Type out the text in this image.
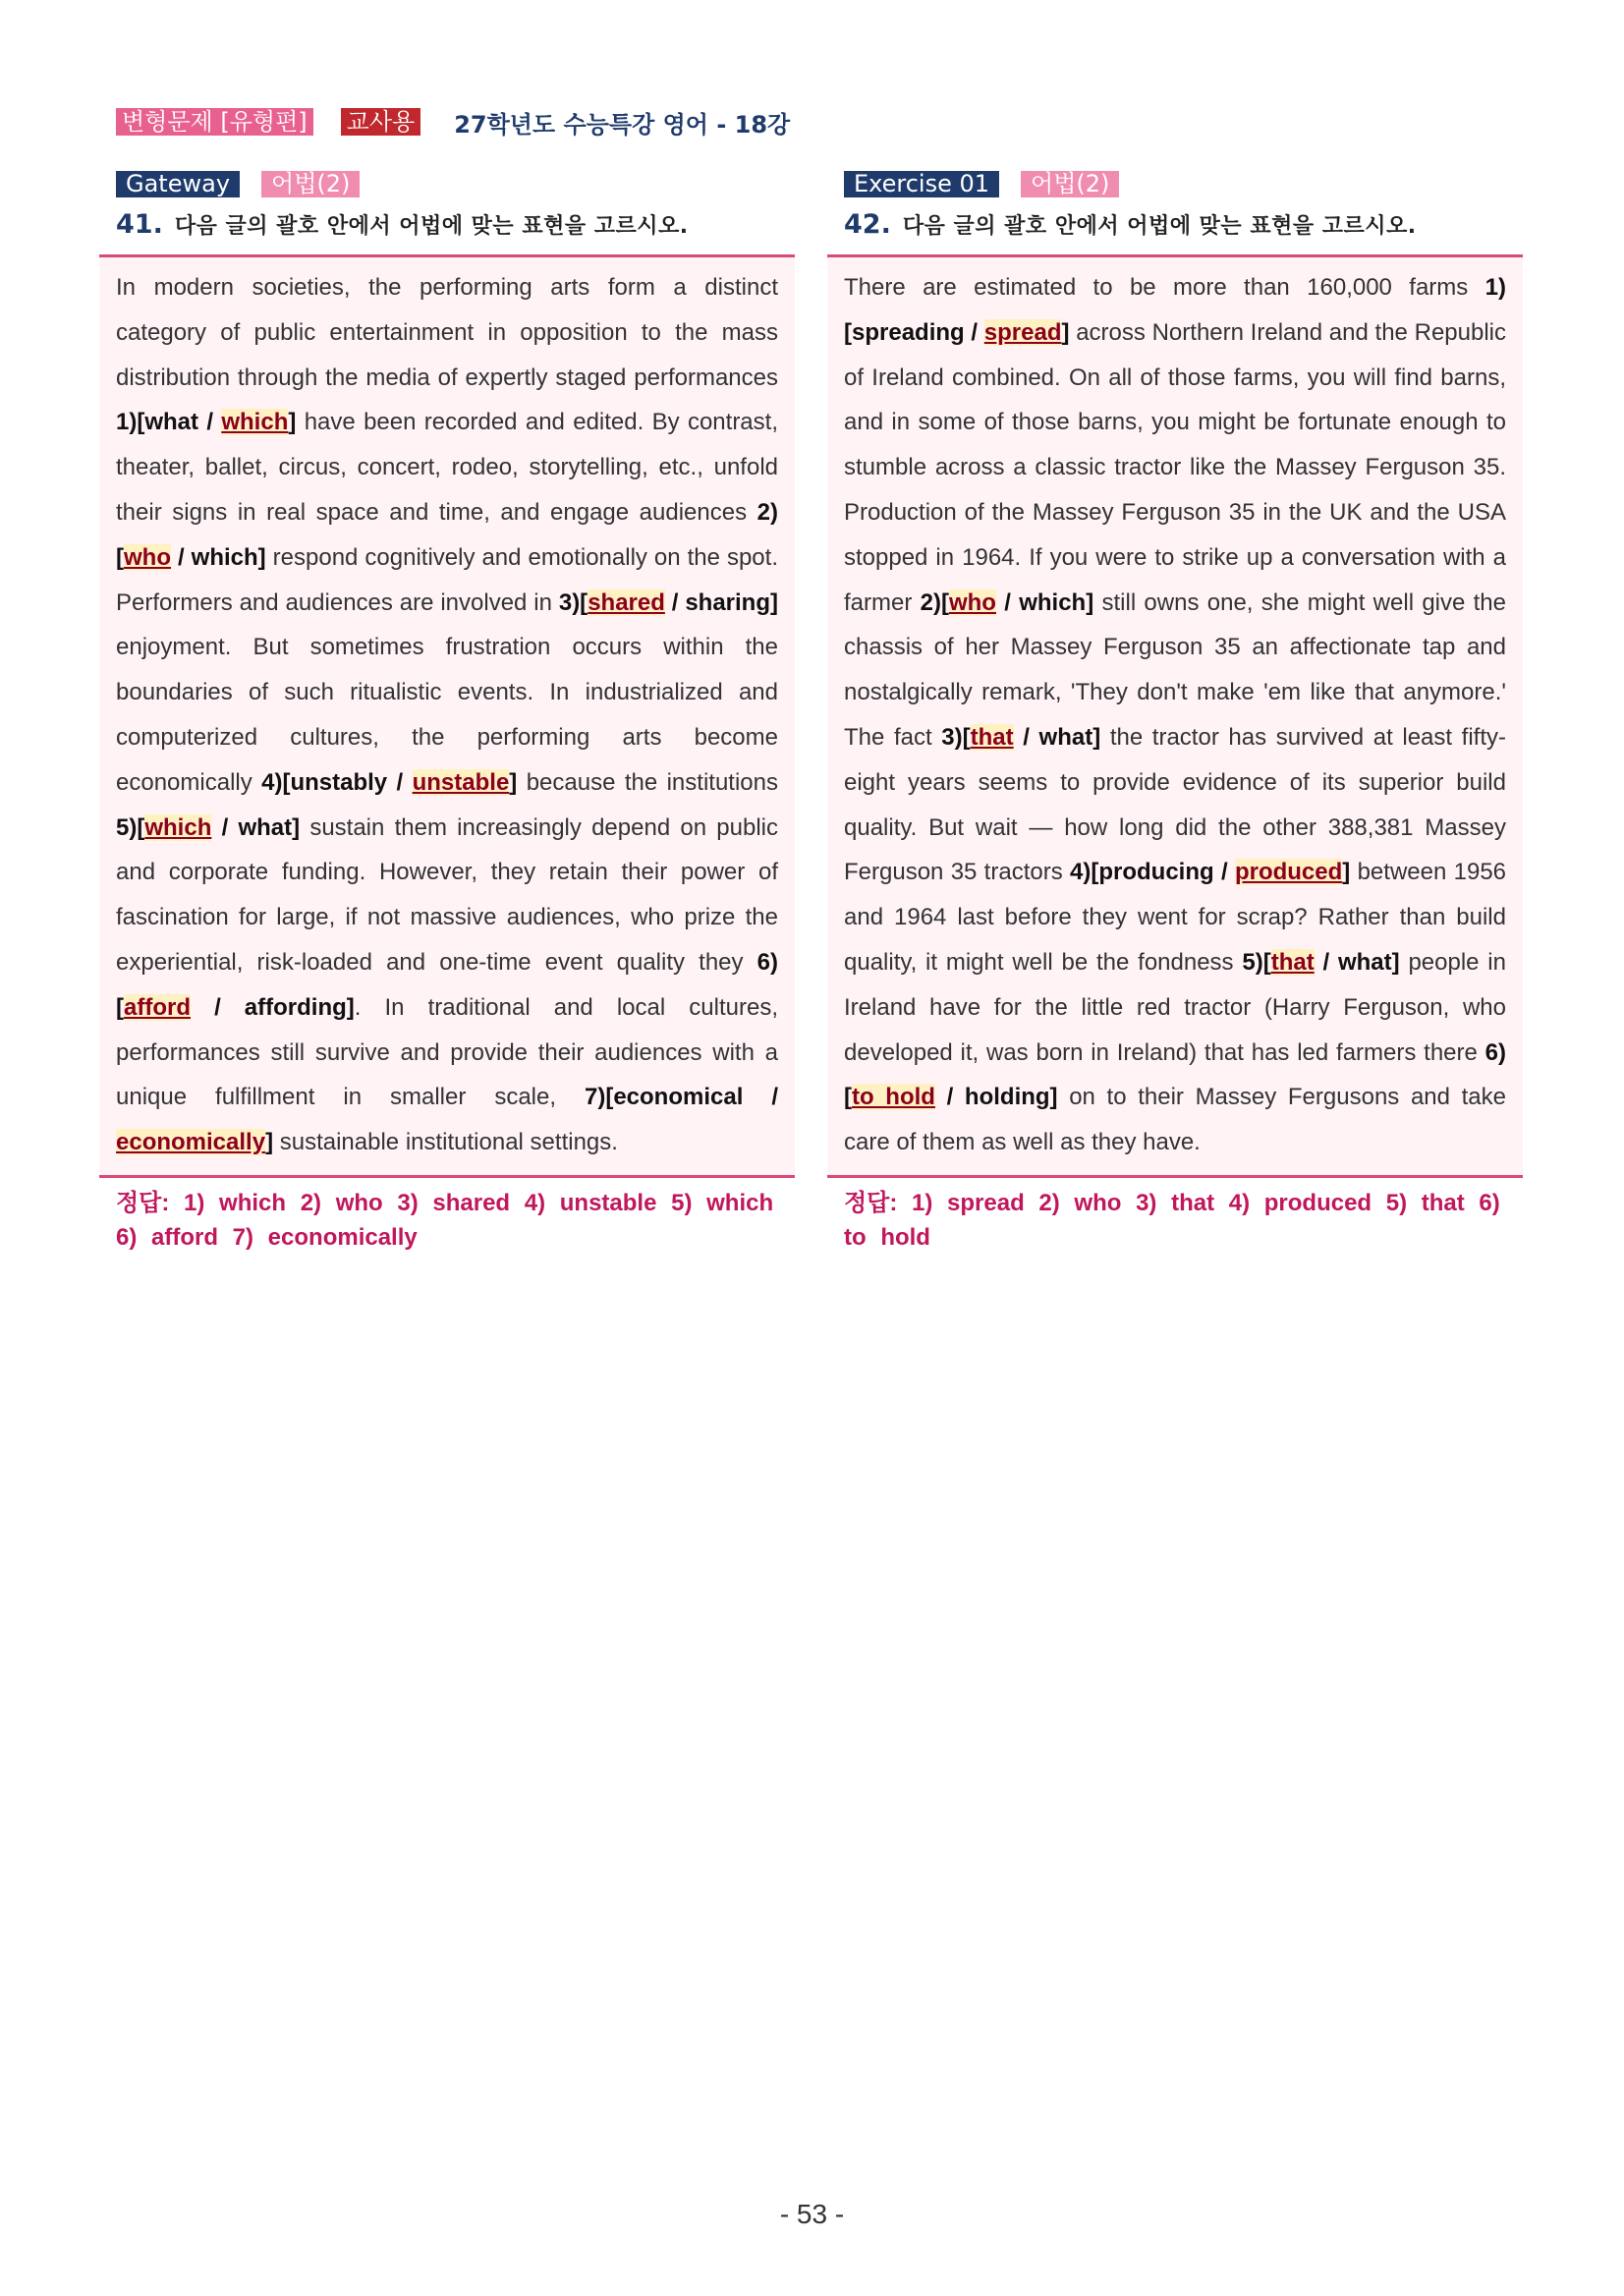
변형문제 [유형편] 교사용 27학년도 수능특강 영어 - 18강
Gateway	어법(2)
41. 다음 글의 괄호 안에서 어법에 맞는 표현을 고르시오.

In modern societies, the performing arts form a distinct category of public entertainment in opposition to the mass distribution through the media of expertly staged performances 1)[what / which] have been recorded and edited. By contrast, theater, ballet, circus, concert, rodeo, storytelling, etc., unfold their signs in real space and time, and engage audiences 2)[who / which] respond cognitively and emotionally on the spot. Performers and audiences are involved in 3)[shared / sharing] enjoyment. But sometimes frustration occurs within the boundaries of such ritualistic events. In industrialized and computerized cultures, the performing arts become economically 4)[unstably / unstable] because the institutions 5)[which / what] sustain them increasingly depend on public and corporate funding. However, they retain their power of fascination for large, if not massive audiences, who prize the experiential, risk-loaded and one-time event quality they 6)[afford / affording]. In traditional and local cultures, performances still survive and provide their audiences with a unique fulfillment in smaller scale, 7)[economical / economically] sustainable institutional settings.

정답: 1) which 2) who 3) shared 4) unstable 5) which 6) afford 7) economically
Exercise 01	어법(2)
42. 다음 글의 괄호 안에서 어법에 맞는 표현을 고르시오.

There are estimated to be more than 160,000 farms 1)[spreading / spread] across Northern Ireland and the Republic of Ireland combined. On all of those farms, you will find barns, and in some of those barns, you might be fortunate enough to stumble across a classic tractor like the Massey Ferguson 35. Production of the Massey Ferguson 35 in the UK and the USA stopped in 1964. If you were to strike up a conversation with a farmer 2)[who / which] still owns one, she might well give the chassis of her Massey Ferguson 35 an affectionate tap and nostalgically remark, 'They don't make 'em like that anymore.' The fact 3)[that / what] the tractor has survived at least fifty-eight years seems to provide evidence of its superior build quality. But wait — how long did the other 388,381 Massey Ferguson 35 tractors 4)[producing / produced] between 1956 and 1964 last before they went for scrap? Rather than build quality, it might well be the fondness 5)[that / what] people in Ireland have for the little red tractor (Harry Ferguson, who developed it, was born in Ireland) that has led farmers there 6)[to hold / holding] on to their Massey Fergusons and take care of them as well as they have.

정답: 1) spread 2) who 3) that 4) produced 5) that 6) to hold
- 53 -
